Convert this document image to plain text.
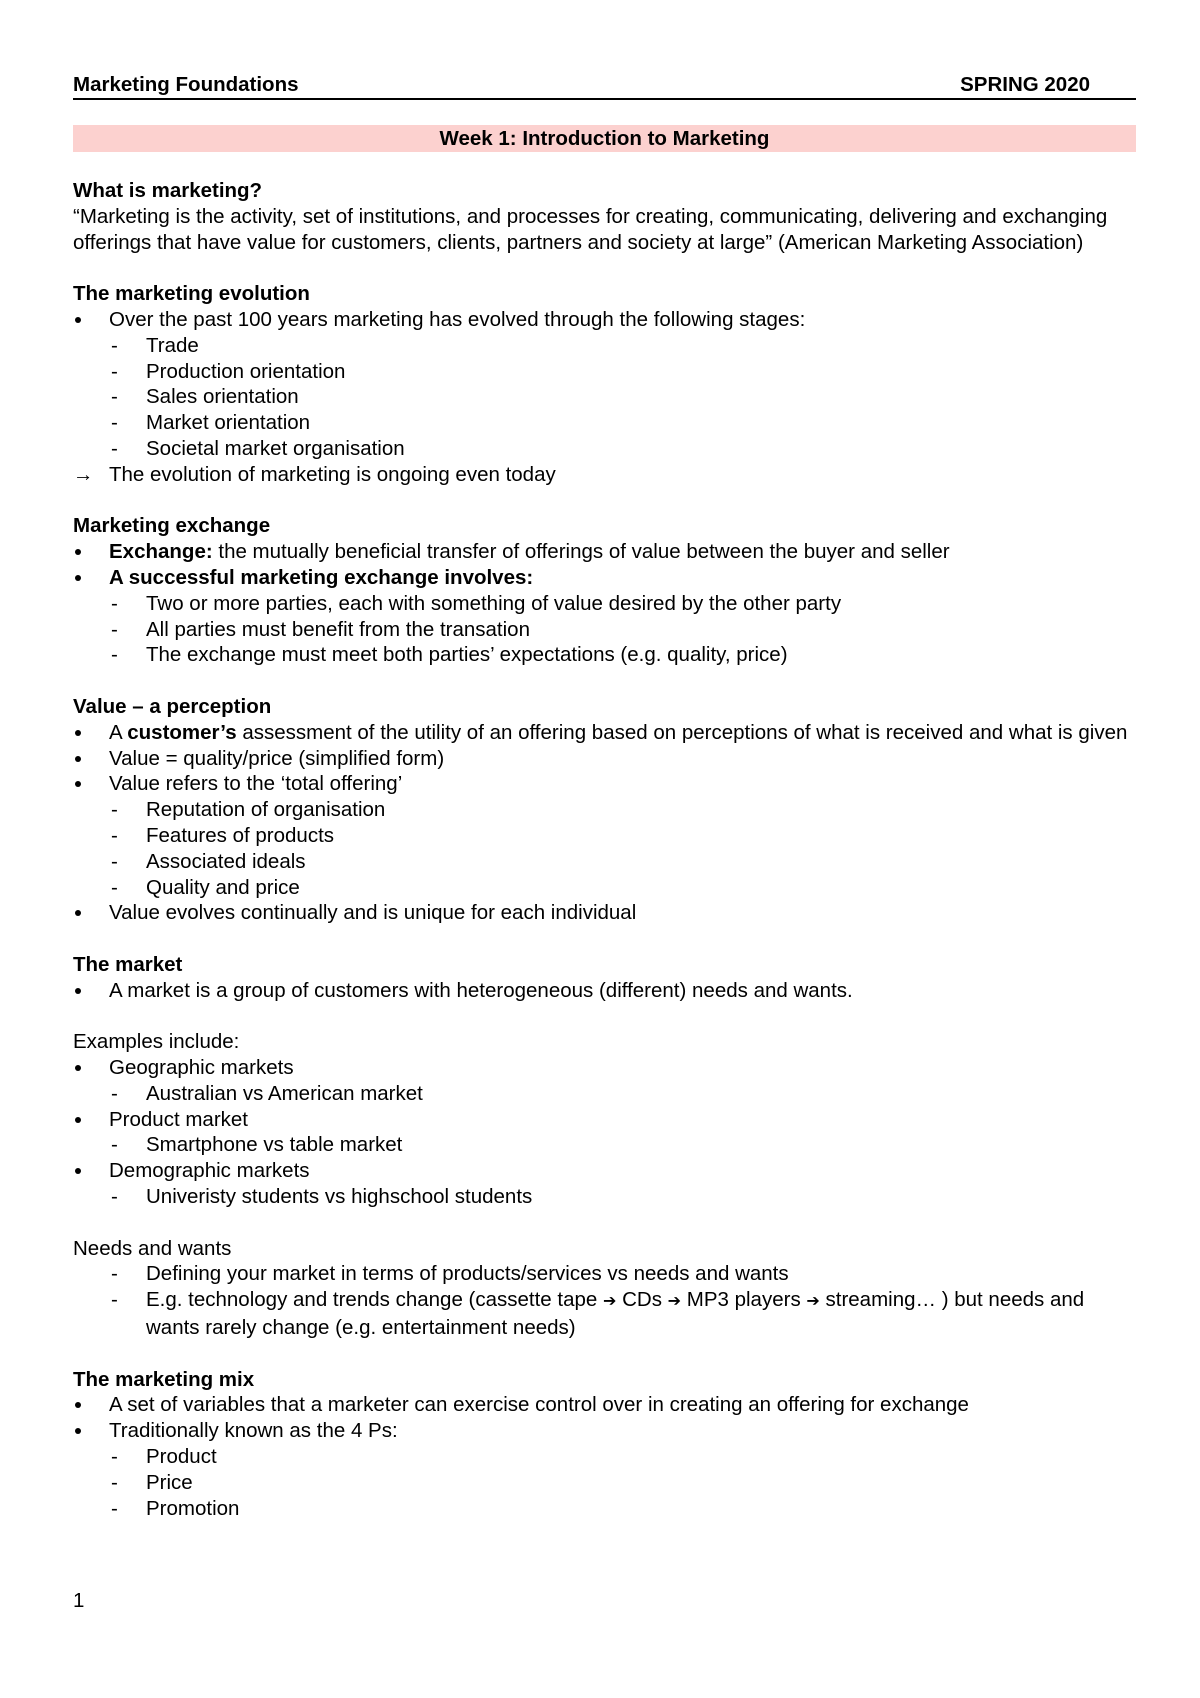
Marketing Foundations	SPRING 2020
Week 1: Introduction to Marketing

What is marketing?

“Marketing is the activity, set of institutions, and processes for creating, communicating, delivering and exchanging offerings that have value for customers, clients, partners and society at large” (American Marketing Association)

The marketing evolution

Over the past 100 years marketing has evolved through the following stages:
- Trade
- Production orientation
- Sales orientation
- Market orientation
- Societal market organisation
→ The evolution of marketing is ongoing even today

Marketing exchange

Exchange: the mutually beneficial transfer of offerings of value between the buyer and seller
A successful marketing exchange involves:
- Two or more parties, each with something of value desired by the other party
- All parties must benefit from the transation
- The exchange must meet both parties’ expectations (e.g. quality, price)

Value – a perception

A customer’s assessment of the utility of an offering based on perceptions of what is received and what is given
Value = quality/price (simplified form)
Value refers to the ‘total offering’
- Reputation of organisation
- Features of products
- Associated ideals
- Quality and price
Value evolves continually and is unique for each individual

The market

A market is a group of customers with heterogeneous (different) needs and wants.

Examples include:

Geographic markets
- Australian vs American market
Product market
- Smartphone vs table market
Demographic markets
- Univeristy students vs highschool students

Needs and wants

- Defining your market in terms of products/services vs needs and wants
- E.g. technology and trends change (cassette tape ➔ CDs ➔ MP3 players ➔ streaming… ) but needs and wants rarely change (e.g. entertainment needs)

The marketing mix

A set of variables that a marketer can exercise control over in creating an offering for exchange
Traditionally known as the 4 Ps:
- Product
- Price
- Promotion
1
